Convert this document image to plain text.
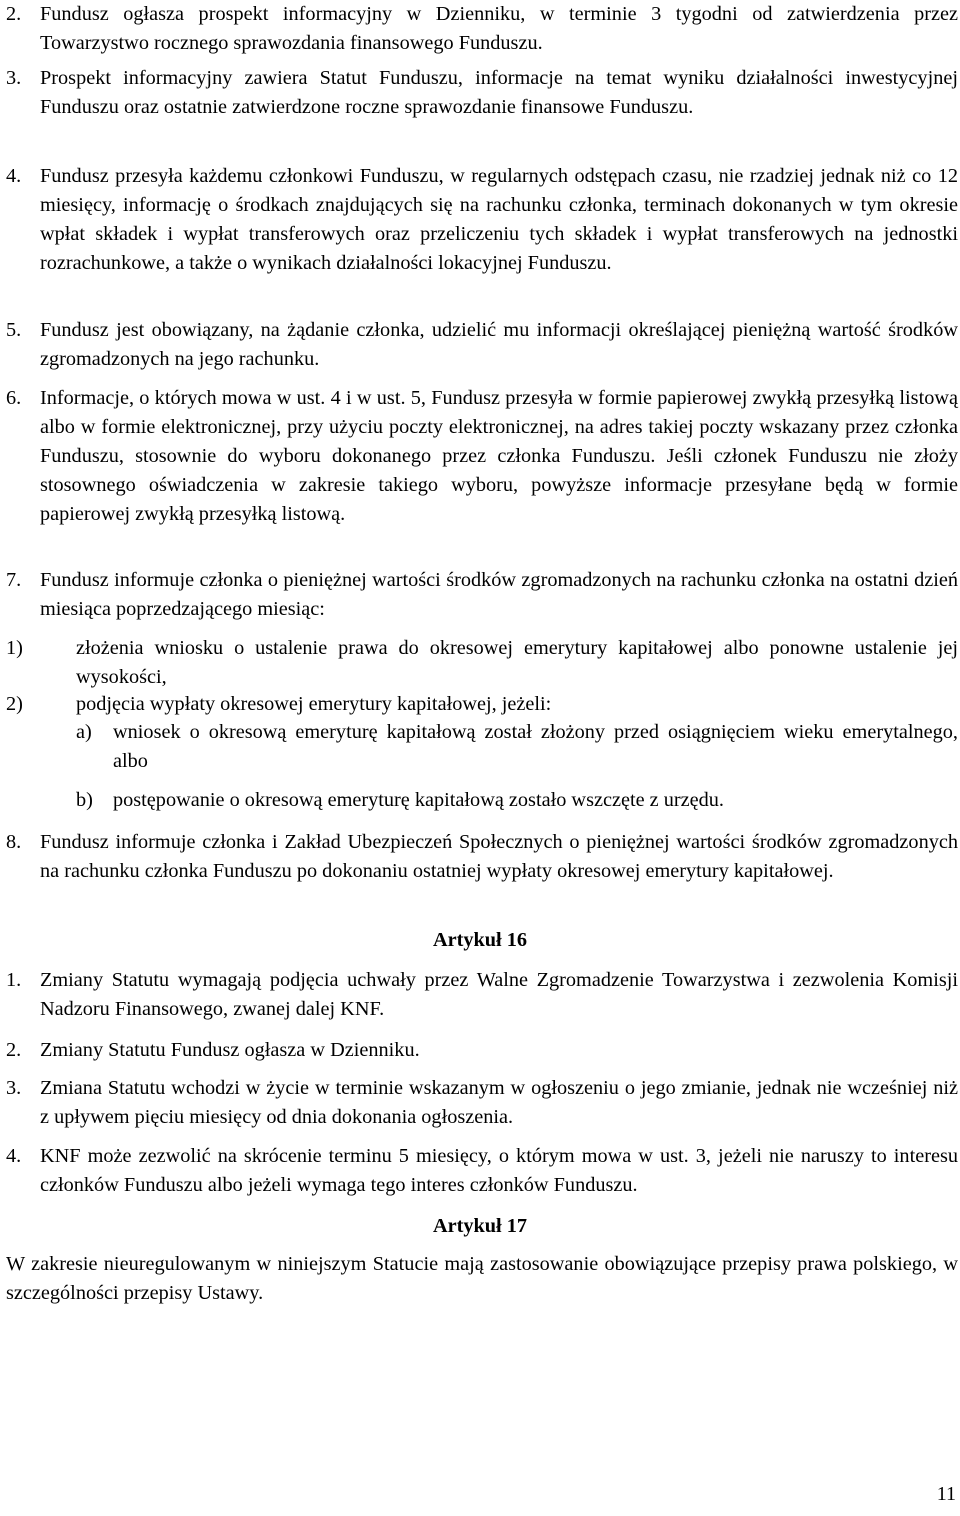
2. Fundusz ogłasza prospekt informacyjny w Dzienniku, w terminie 3 tygodni od zatwierdzenia przez Towarzystwo rocznego sprawozdania finansowego Funduszu.
3. Prospekt informacyjny zawiera Statut Funduszu, informacje na temat wyniku działalności inwestycyjnej Funduszu oraz ostatnie zatwierdzone roczne sprawozdanie finansowe Funduszu.
4. Fundusz przesyła każdemu członkowi Funduszu, w regularnych odstępach czasu, nie rzadziej jednak niż co 12 miesięcy, informację o środkach znajdujących się na rachunku członka, terminach dokonanych w tym okresie wpłat składek i wypłat transferowych oraz przeliczeniu tych składek i wypłat transferowych na jednostki rozrachunkowe, a także o wynikach działalności lokacyjnej Funduszu.
5. Fundusz jest obowiązany, na żądanie członka, udzielić mu informacji określającej pieniężną wartość środków zgromadzonych na jego rachunku.
6. Informacje, o których mowa w ust. 4 i w ust. 5, Fundusz przesyła w formie papierowej zwykłą przesyłką listową albo w formie elektronicznej, przy użyciu poczty elektronicznej, na adres takiej poczty wskazany przez członka Funduszu, stosownie do wyboru dokonanego przez członka Funduszu. Jeśli członek Funduszu nie złoży stosownego oświadczenia w zakresie takiego wyboru, powyższe informacje przesyłane będą w formie papierowej zwykłą przesyłką listową.
7. Fundusz informuje członka o pieniężnej wartości środków zgromadzonych na rachunku członka na ostatni dzień miesiąca poprzedzającego miesiąc:
1)	złożenia wniosku o ustalenie prawa do okresowej emerytury kapitałowej albo ponowne ustalenie jej wysokości,
2)	podjęcia wypłaty okresowej emerytury kapitałowej, jeżeli:
a) wniosek o okresową emeryturę kapitałową został złożony przed osiągnięciem wieku emerytalnego, albo
b) postępowanie o okresową emeryturę kapitałową zostało wszczęte z urzędu.
8. Fundusz informuje członka i Zakład Ubezpieczeń Społecznych o pieniężnej wartości środków zgromadzonych na rachunku członka Funduszu po dokonaniu ostatniej wypłaty okresowej emerytury kapitałowej.
Artykuł 16
1. Zmiany Statutu wymagają podjęcia uchwały przez Walne Zgromadzenie Towarzystwa i zezwolenia Komisji Nadzoru Finansowego, zwanej dalej KNF.
2. Zmiany Statutu Fundusz ogłasza w Dzienniku.
3. Zmiana Statutu wchodzi w życie w terminie wskazanym w ogłoszeniu o jego zmianie, jednak nie wcześniej niż z upływem pięciu miesięcy od dnia dokonania ogłoszenia.
4. KNF może zezwolić na skrócenie terminu 5 miesięcy, o którym mowa w ust. 3, jeżeli nie naruszy to interesu członków Funduszu albo jeżeli wymaga tego interes członków Funduszu.
Artykuł 17
W zakresie nieuregulowanym w niniejszym Statucie mają zastosowanie obowiązujące przepisy prawa polskiego, w szczególności przepisy Ustawy.
11
